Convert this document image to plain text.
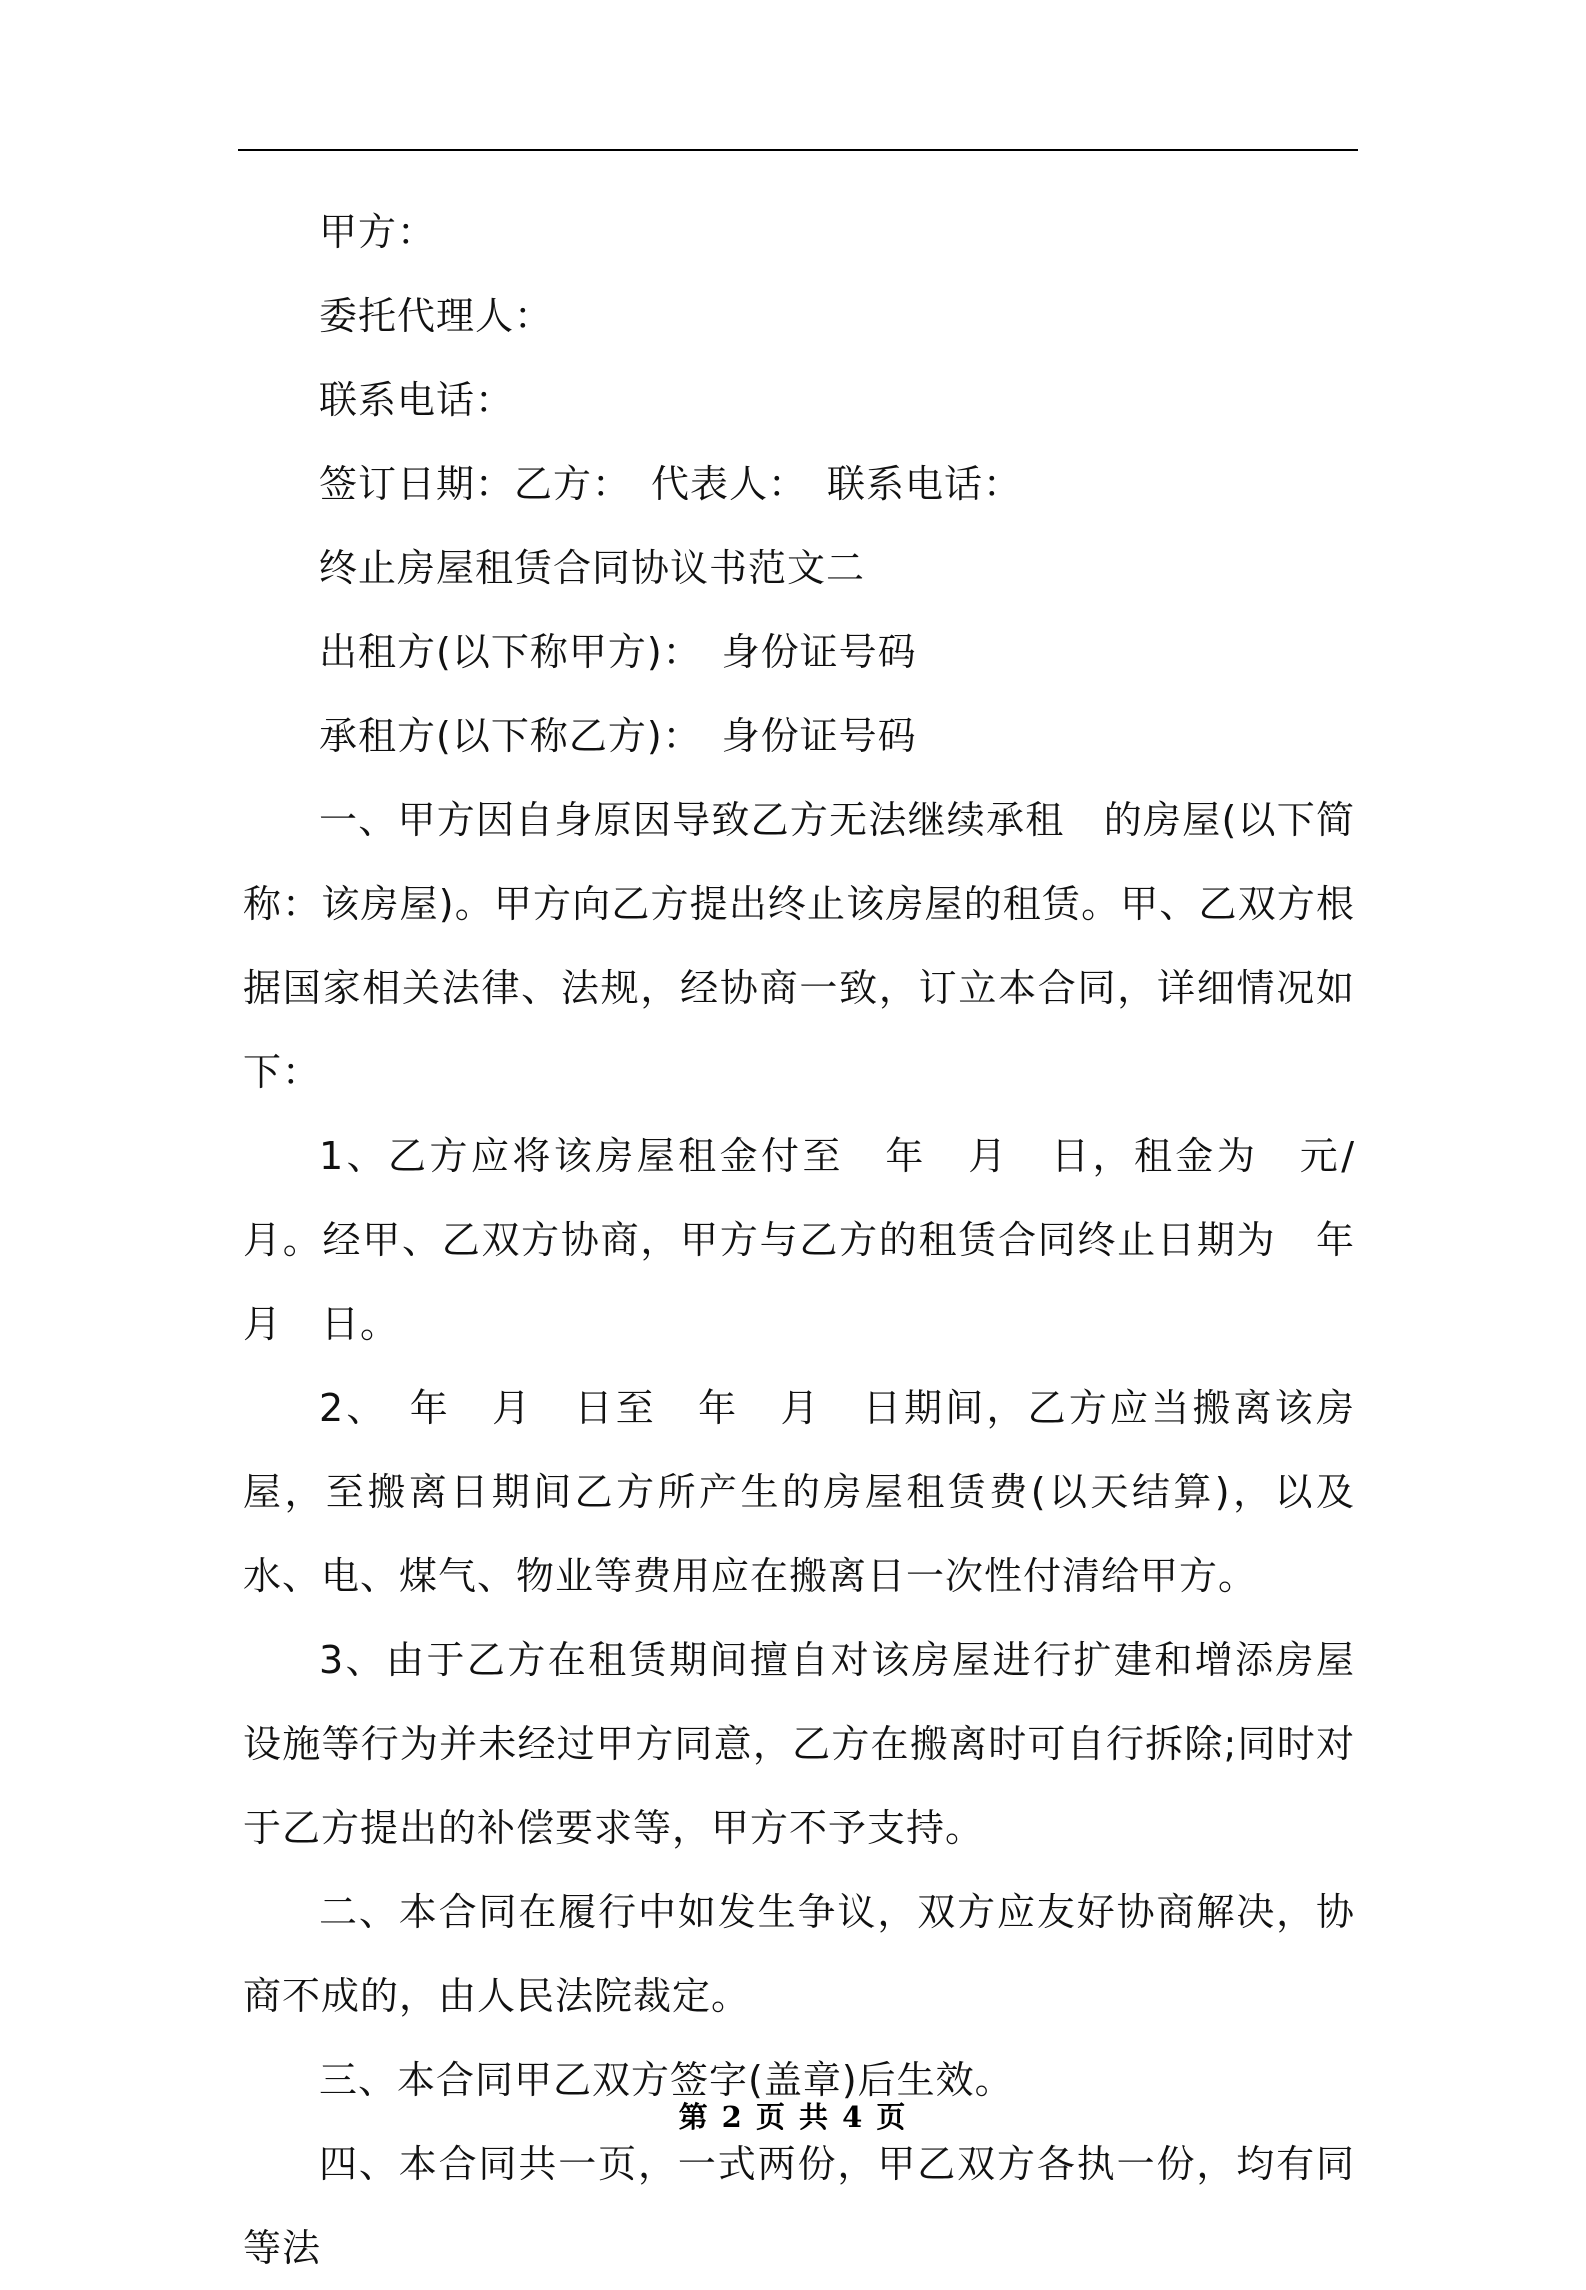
甲方：

委托代理人：

联系电话：

签订日期：乙方：　代表人：　联系电话：

终止房屋租赁合同协议书范文二

出租方(以下称甲方)：　身份证号码

承租方(以下称乙方)：　身份证号码

一、甲方因自身原因导致乙方无法继续承租　的房屋(以下简称：该房屋)。甲方向乙方提出终止该房屋的租赁。甲、乙双方根据国家相关法律、法规，经协商一致，订立本合同，详细情况如下：

1、乙方应将该房屋租金付至　年　月　日，租金为　元/月。经甲、乙双方协商，甲方与乙方的租赁合同终止日期为　年　月　日。

2、　年　月　日至　年　月　日期间，乙方应当搬离该房屋，至搬离日期间乙方所产生的房屋租赁费(以天结算)，以及水、电、煤气、物业等费用应在搬离日一次性付清给甲方。

3、由于乙方在租赁期间擅自对该房屋进行扩建和增添房屋设施等行为并未经过甲方同意，乙方在搬离时可自行拆除;同时对于乙方提出的补偿要求等，甲方不予支持。

二、本合同在履行中如发生争议，双方应友好协商解决，协商不成的，由人民法院裁定。

三、本合同甲乙双方签字(盖章)后生效。

四、本合同共一页，一式两份，甲乙双方各执一份，均有同等法

第 2 页 共 4 页
